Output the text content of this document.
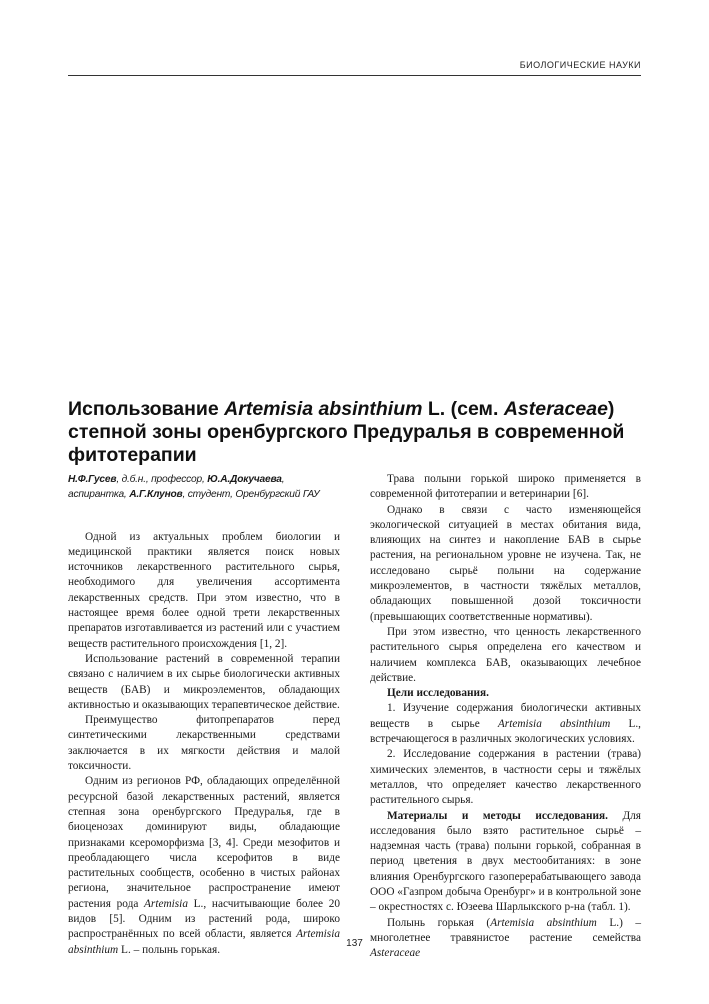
БИОЛОГИЧЕСКИЕ НАУКИ
Использование Artemisia absinthium L. (сем. Asteraceae) степной зоны оренбургского Предуралья в современной фитотерапии
Н.Ф.Гусев, д.б.н., профессор, Ю.А.Докучаева, аспирантка, А.Г.Клунов, студент, Оренбургский ГАУ

Одной из актуальных проблем биологии и медицинской практики является поиск новых источников лекарственного растительного сырья, необходимого для увеличения ассортимента лекарственных средств. При этом известно, что в настоящее время более одной трети лекарственных препаратов изготавливается из растений или с участием веществ растительного происхождения [1, 2].

Использование растений в современной терапии связано с наличием в их сырье биологически активных веществ (БАВ) и микроэлементов, обладающих активностью и оказывающих терапевтическое действие.

Преимущество фитопрепаратов перед синтетическими лекарственными средствами заключается в их мягкости действия и малой токсичности.

Одним из регионов РФ, обладающих определённой ресурсной базой лекарственных растений, является степная зона оренбургского Предуралья, где в биоценозах доминируют виды, обладающие признаками ксероморфизма [3, 4]. Среди мезофитов и преобладающего числа ксерофитов в виде растительных сообществ, особенно в чистых районах региона, значительное распространение имеют растения рода Artemisia L., насчитывающие более 20 видов [5]. Одним из растений рода, широко распространённых по всей области, является Artemisia absinthium L. – полынь горькая.

Трава полыни горькой широко применяется в современной фитотерапии и ветеринарии [6].

Однако в связи с часто изменяющейся экологической ситуацией в местах обитания вида, влияющих на синтез и накопление БАВ в сырье растения, на региональном уровне не изучена. Так, не исследовано сырьё полыни на содержание микроэлементов, в частности тяжёлых металлов, обладающих повышенной дозой токсичности (превышающих соответственные нормативы).

При этом известно, что ценность лекарственного растительного сырья определена его качеством и наличием комплекса БАВ, оказывающих лечебное действие.

Цели исследования.

1. Изучение содержания биологически активных веществ в сырье Artemisia absinthium L., встречающегося в различных экологических условиях.

2. Исследование содержания в растении (трава) химических элементов, в частности серы и тяжёлых металлов, что определяет качество лекарственного растительного сырья.

Материалы и методы исследования. Для исследования было взято растительное сырьё – надземная часть (трава) полыни горькой, собранная в период цветения в двух местообитаниях: в зоне влияния Оренбургского газоперерабатывающего завода ООО «Газпром добыча Оренбург» и в контрольной зоне – окрестностях с. Юзеева Шарлыкского р-на (табл. 1).

Полынь горькая (Artemisia absinthium L.) – многолетнее травянистое растение семейства Asteraceae

137
